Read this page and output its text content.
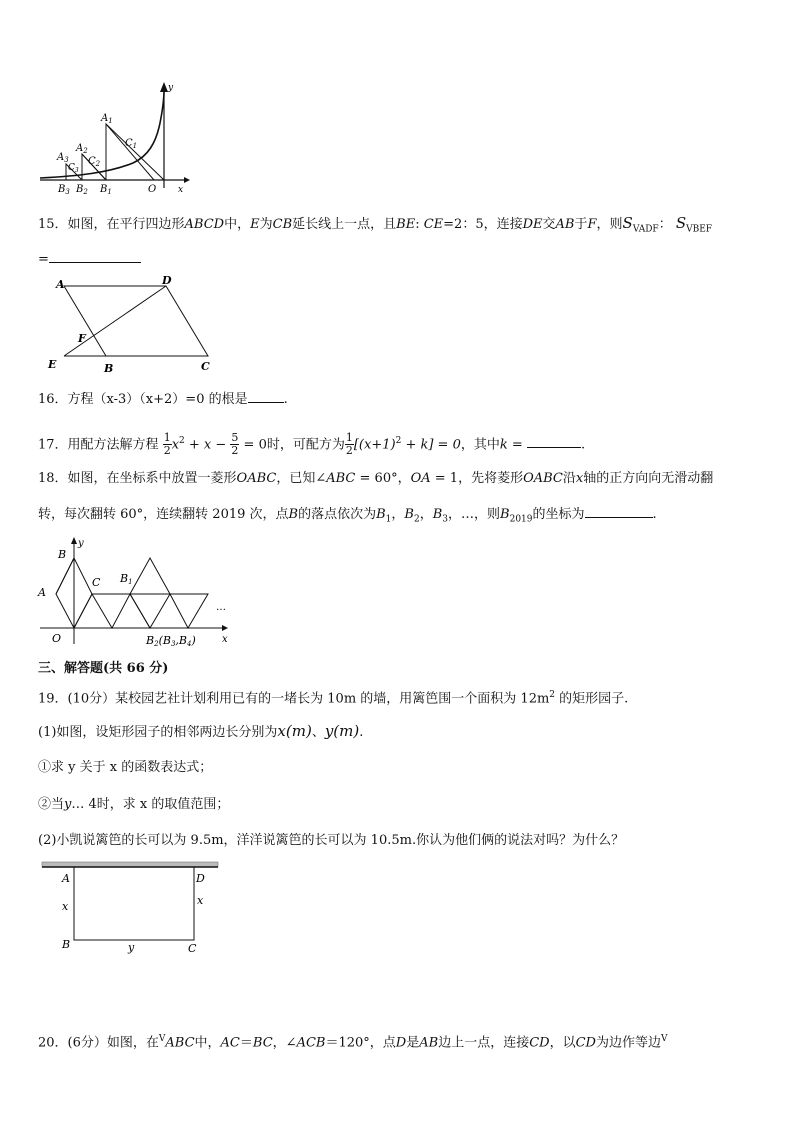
$A_1$
$C_1$
$A_2$
$C_2$
$A_3$
$C_3$
$B_3$ $B_2$ $B_1$	O x
y
15．如图，在平行四边形ABCD中，E为CB延长线上一点，且BE: CE=2：5，连接DE交AB于F，则$S_{VADF}$： $S_{VBEF}$
=
A	D
F
E	B	C
16．方程（x-3）（x+2）=0 的根是	.
17．用配方法解方程 $\frac{1}{2} x^2 + x - \frac{5}{2} = 0$时，可配方为 $\frac{1}{2} [(x+1)^2 + k] = 0$，其中k =	.
18．如图，在坐标系中放置一菱形OABC，已知∠ABC = 60°，OA = 1，先将菱形OABC沿x轴的正方向向无滑动翻
转，每次翻转 60°，连续翻转 2019 次，点B的落点依次为$B_1$，$B_2$，$B_3$，…，则$B_{2019}$的坐标为	.
B
y
C B1
A
…
O	B2(B3,B4)	x
三、解答题(共 66 分)
19．(10分）某校园艺社计划利用已有的一堵长为 10m 的墙，用篱笆围一个面积为 $12m^2$ 的矩形园子.
(1)如图，设矩形园子的相邻两边长分别为x(m)、y(m).
①求 y 关于 x 的函数表达式；
②当y… 4时，求 x 的取值范围；
(2)小凯说篱笆的长可以为 9.5m，洋洋说篱笆的长可以为 10.5m.你认为他们俩的说法对吗？为什么？
A	D
x	x
B	y	C
20．(6分）如图，在$^V$ABC中，AC＝BC，∠ACB＝120°，点D是AB边上一点，连接CD，以CD为边作等边$^V$
